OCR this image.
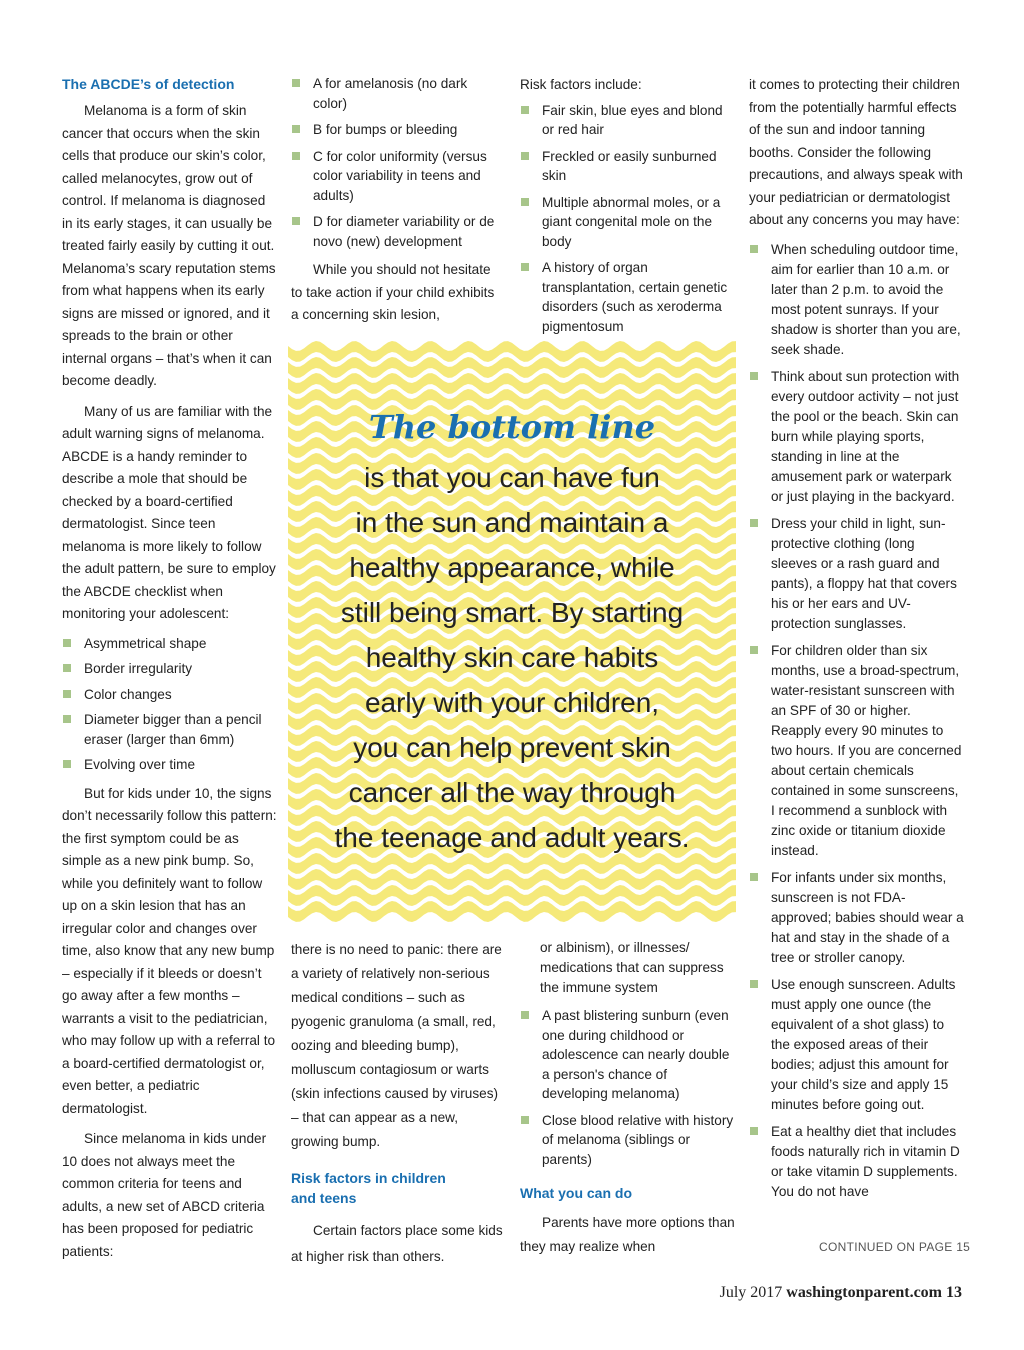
The ABCDE’s of detection

Melanoma is a form of skin cancer that occurs when the skin cells that produce our skin’s color, called melanocytes, grow out of control. If melanoma is diagnosed in its early stages, it can usually be treated fairly easily by cutting it out. Melanoma’s scary reputation stems from what happens when its early signs are missed or ignored, and it spreads to the brain or other internal organs – that’s when it can become deadly.

Many of us are familiar with the adult warning signs of melanoma. ABCDE is a handy reminder to describe a mole that should be checked by a board-certified dermatologist. Since teen melanoma is more likely to follow the adult pattern, be sure to employ the ABCDE checklist when monitoring your adolescent:

Asymmetrical shape
Border irregularity
Color changes
Diameter bigger than a pencil eraser (larger than 6mm)
Evolving over time

But for kids under 10, the signs don’t necessarily follow this pattern: the first symptom could be as simple as a new pink bump. So, while you definitely want to follow up on a skin lesion that has an irregular color and changes over time, also know that any new bump – especially if it bleeds or doesn’t go away after a few months – warrants a visit to the pediatrician, who may follow up with a referral to a board-certified dermatologist or, even better, a pediatric dermatologist.

Since melanoma in kids under 10 does not always meet the common criteria for teens and adults, a new set of ABCD criteria has been proposed for pediatric patients:

A for amelanosis (no dark color)
B for bumps or bleeding
C for color uniformity (versus color variability in teens and adults)
D for diameter variability or de novo (new) development

While you should not hesitate to take action if your child exhibits a concerning skin lesion,

there is no need to panic: there are a variety of relatively non-serious medical conditions – such as pyogenic granuloma (a small, red, oozing and bleeding bump), molluscum contagiosum or warts (skin infections caused by viruses) – that can appear as a new, growing bump.

Risk factors in children and teens

Certain factors place some kids at higher risk than others.

Risk factors include:

Fair skin, blue eyes and blond or red hair
Freckled or easily sunburned skin
Multiple abnormal moles, or a giant congenital mole on the body
A history of organ transplantation, certain genetic disorders (such as xeroderma pigmentosum

or albinism), or illnesses/ medications that can suppress the immune system

A past blistering sunburn (even one during childhood or adolescence can nearly double a person's chance of developing melanoma)
Close blood relative with history of melanoma (siblings or parents)
What you can do

Parents have more options than they may realize when

it comes to protecting their children from the potentially harmful effects of the sun and indoor tanning booths. Consider the following precautions, and always speak with your pediatrician or dermatologist about any concerns you may have:

When scheduling outdoor time, aim for earlier than 10 a.m. or later than 2 p.m. to avoid the most potent sunrays. If your shadow is shorter than you are, seek shade.
Think about sun protection with every outdoor activity – not just the pool or the beach. Skin can burn while playing sports, standing in line at the amusement park or waterpark or just playing in the backyard.
Dress your child in light, sun-protective clothing (long sleeves or a rash guard and pants), a floppy hat that covers his or her ears and UV-protection sunglasses.
For children older than six months, use a broad-spectrum, water-resistant sunscreen with an SPF of 30 or higher. Reapply every 90 minutes to two hours. If you are concerned about certain chemicals contained in some sunscreens, I recommend a sunblock with zinc oxide or titanium dioxide instead.
For infants under six months, sunscreen is not FDA-approved; babies should wear a hat and stay in the shade of a tree or stroller canopy.
Use enough sunscreen. Adults must apply one ounce (the equivalent of a shot glass) to the exposed areas of their bodies; adjust this amount for your child’s size and apply 15 minutes before going out.
Eat a healthy diet that includes foods naturally rich in vitamin D or take vitamin D supplements. You do not have
CONTINUED ON PAGE 15
The bottom line
is that you can have fun
in the sun and maintain a
healthy appearance, while
still being smart. By starting
healthy skin care habits
early with your children,
you can help prevent skin
cancer all the way through
the teenage and adult years.
July 2017 washingtonparent.com 13
